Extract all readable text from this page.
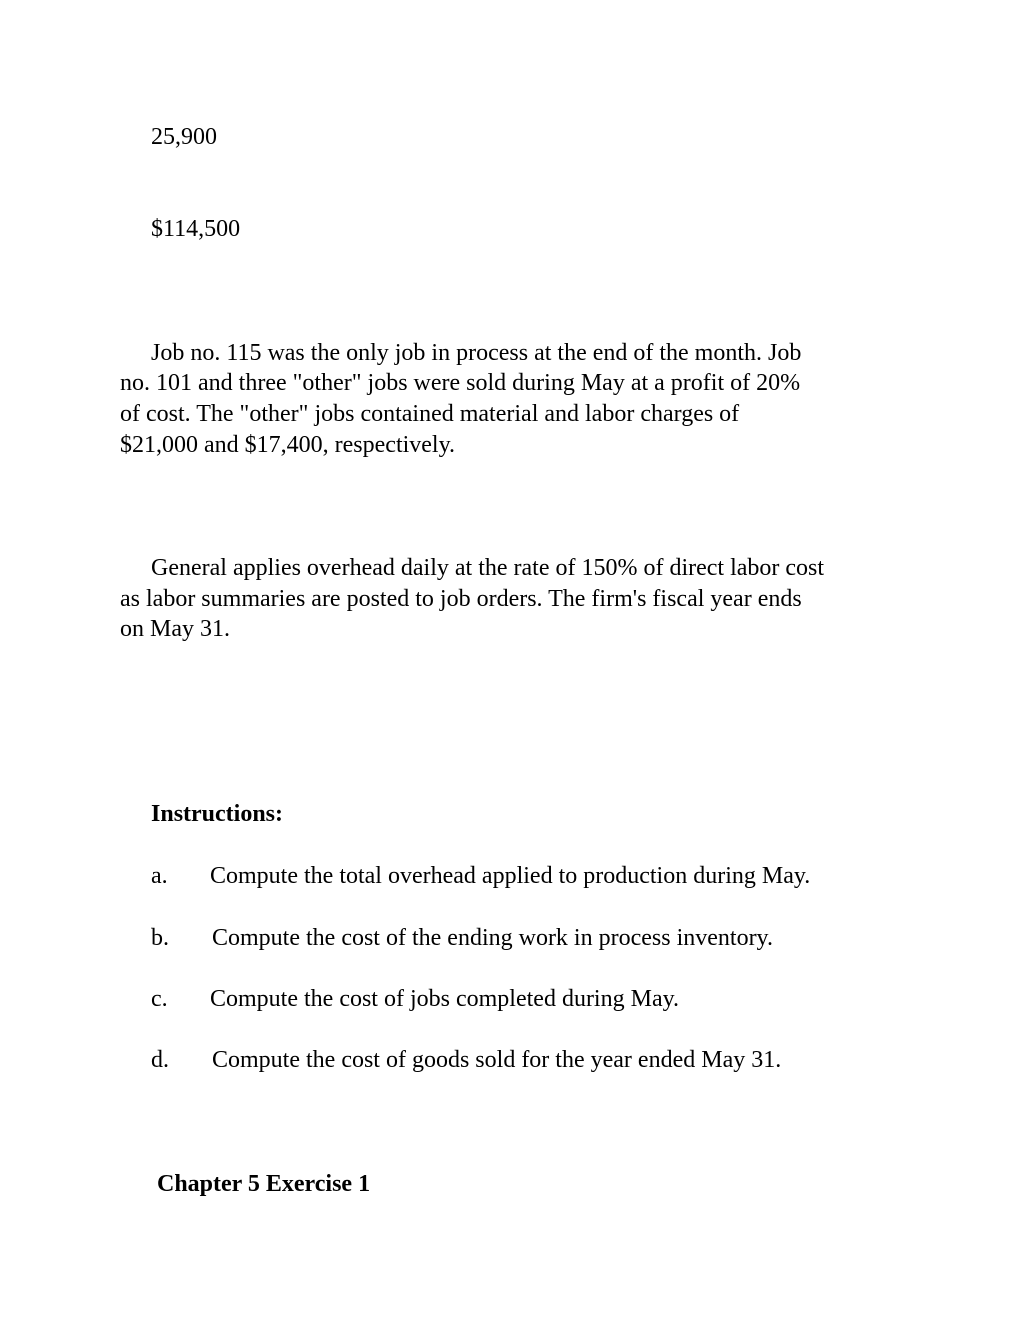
25,900

$114,500

Job no. 115 was the only job in process at the end of the month. Job

no. 101 and three "other" jobs were sold during May at a profit of 20%

of cost. The "other" jobs contained material and labor charges of

$21,000 and $17,400, respectively.

General applies overhead daily at the rate of 150% of direct labor cost

as labor summaries are posted to job orders. The firm's fiscal year ends

on May 31.

Instructions:

a. Compute the total overhead applied to production during May.
b. Compute the cost of the ending work in process inventory.
c. Compute the cost of jobs completed during May.
d. Compute the cost of goods sold for the year ended May 31.

Chapter 5 Exercise 1
